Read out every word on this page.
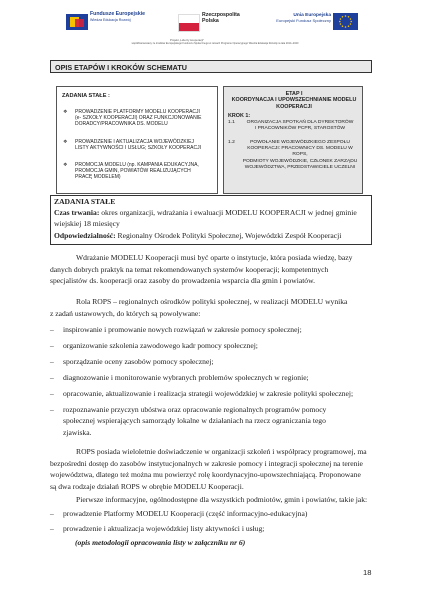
Fundusze Europejskie
Wiedza Edukacja Rozwój
Rzeczpospolita Polska
Unia Europejska
Europejski Fundusz Społeczny
Projekt „Liderzy kooperacji”
współfinansowany ze środków Europejskiego Funduszu Społecznego w ramach Programu Operacyjnego Wiedza Edukacja Rozwój na lata 2014–2020
OPIS ETAPÓW I KROKÓW SCHEMATU
ZADANIA STAŁE :
❖ PROWADZENIE PLATFORMY MODELU KOOPERACJI
(e- SZKOŁY KOOPERACJI) ORAZ FUNKCJONOWANIE
DORADCY/PRACOWNIKA DS. MODELU
❖ PROWADZENIE I AKTUALIZACJA WOJEWÓDZKIEJ
LISTY AKTYWNOŚCI I USŁUG; SZKOŁY KOOPERACJI
❖ PROMOCJA MODELU (np. KAMPANIA EDUKACYJNA,
PROMOCJA GMIN, POWIATÓW REALIZUJĄCYCH
PRACĘ MODELEM)
ETAP I
KOORDYNACJA I UPOWSZECHNIANIE MODELU
KOOPERACJI
KROK 1:
1.1	ORGANIZACJA SPOTKAŃ DLA DYREKTORÓW
I PRACOWNIKÓW PCPR, STAROSTÓW
1.2	POWOŁANIE WOJEWÓDZKIEGO ZESPOŁU
KOOPERACJI: PRACOWNICY DS. MODELU W ROPS,
PODMIOTY WOJEWÓDZKIE, CZŁONEK ZARZĄDU
WOJEWÓDZTWA, PRZEDSTAWICIELE UCZELNI
ZADANIA STAŁE
Czas trwania: okres organizacji, wdrażania i ewaluacji MODELU KOOPERACJI w jednej gminie
wiejskiej 18 miesięcy
Odpowiedzialność: Regionalny Ośrodek Polityki Społecznej, Wojewódzki Zespół Kooperacji
Wdrażanie MODELU Kooperacji musi być oparte o instytucje, która posiada wiedzę, bazy
danych dobrych praktyk na temat rekomendowanych systemów kooperacji; kompetentnych
specjalistów ds. kooperacji oraz zasoby do prowadzenia wsparcia dla gmin i powiatów.
Rola ROPS – regionalnych ośrodków polityki społecznej, w realizacji MODELU wynika
z zadań ustawowych, do których są powoływane:
– inspirowanie i promowanie nowych rozwiązań w zakresie pomocy społecznej;
– organizowanie szkolenia zawodowego kadr pomocy społecznej;
– sporządzanie oceny zasobów pomocy społecznej;
– diagnozowanie i monitorowanie wybranych problemów społecznych w regionie;
– opracowanie, aktualizowanie i realizacja strategii wojewódzkiej w zakresie polityki społecznej;
– rozpoznawanie przyczyn ubóstwa oraz opracowanie regionalnych programów pomocy
społecznej wspierających samorządy lokalne w działaniach na rzecz ograniczania tego
zjawiska.
ROPS posiada wieloletnie doświadczenie w organizacji szkoleń i współpracy programowej, ma
bezpośredni dostęp do zasobów instytucjonalnych w zakresie pomocy i integracji społecznej na terenie
województwa, dlatego też można mu powierzyć rolę koordynacyjno-upowszechniającą. Proponowane
są dwa rodzaje działań ROPS w obrębie MODELU Kooperacji.
Pierwsze informacyjne, ogólnodostępne dla wszystkich podmiotów, gmin i powiatów, takie jak:
– prowadzenie Platformy MODELU Kooperacji (część informacyjno-edukacyjna)
– prowadzenie i aktualizacja wojewódzkiej listy aktywności i usług;
(opis metodologii opracowania listy w załączniku nr 6)
18
